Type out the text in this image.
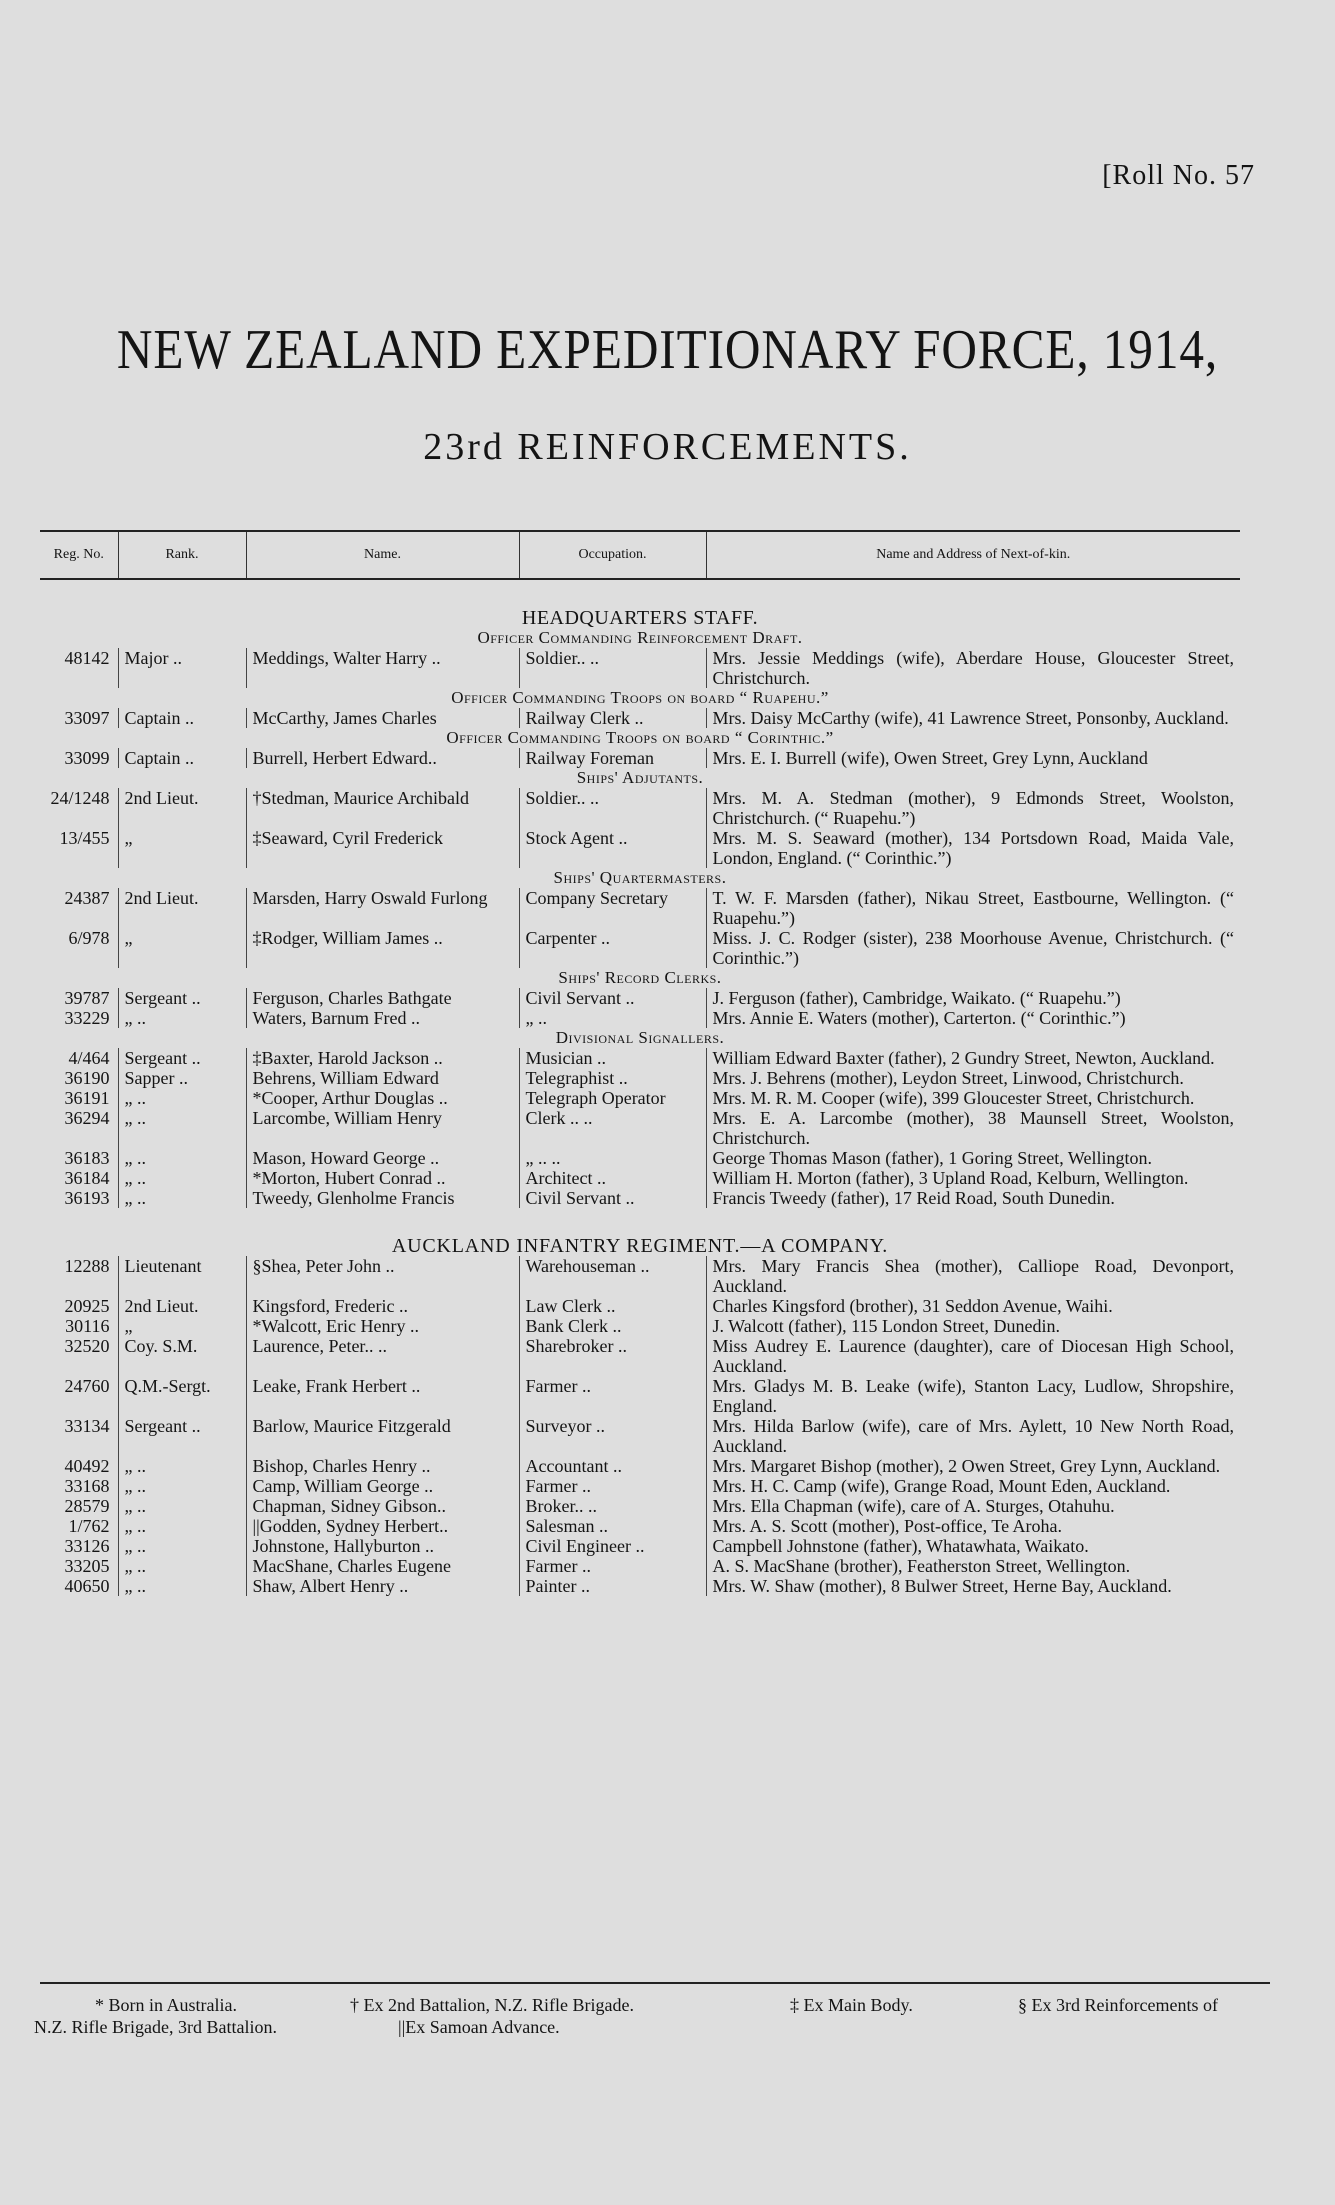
[Roll No. 57
NEW ZEALAND EXPEDITIONARY FORCE, 1914,
23rd REINFORCEMENTS.
Reg. No.	Rank.	Name.	Occupation.	Name and Address of Next-of-kin.

HEADQUARTERS STAFF.				
Officer Commanding Reinforcement Draft.				
48142	Major ..	Meddings, Walter Harry ..	Soldier.. ..	Mrs. Jessie Meddings (wife), Aberdare House, Gloucester Street, Christchurch.
Officer Commanding Troops on board “ Ruapehu.”				
33097	Captain ..	McCarthy, James Charles	Railway Clerk ..	Mrs. Daisy McCarthy (wife), 41 Lawrence Street, Ponsonby, Auckland.
Officer Commanding Troops on board “ Corinthic.”				
33099	Captain ..	Burrell, Herbert Edward..	Railway Foreman	Mrs. E. I. Burrell (wife), Owen Street, Grey Lynn, Auckland
Ships' Adjutants.				
24/1248	2nd Lieut.	†Stedman, Maurice Archibald	Soldier.. ..	Mrs. M. A. Stedman (mother), 9 Edmonds Street, Woolston, Christchurch. (“ Ruapehu.”)
13/455	„	‡Seaward, Cyril Frederick	Stock Agent ..	Mrs. M. S. Seaward (mother), 134 Portsdown Road, Maida Vale, London, England. (“ Corinthic.”)
Ships' Quartermasters.				
24387	2nd Lieut.	Marsden, Harry Oswald Furlong	Company Secretary	T. W. F. Marsden (father), Nikau Street, Eastbourne, Wellington. (“ Ruapehu.”)
6/978	„	‡Rodger, William James ..	Carpenter ..	Miss. J. C. Rodger (sister), 238 Moorhouse Avenue, Christchurch. (“ Corinthic.”)
Ships' Record Clerks.				
39787	Sergeant ..	Ferguson, Charles Bathgate	Civil Servant ..	J. Ferguson (father), Cambridge, Waikato. (“ Ruapehu.”)
33229	„ ..	Waters, Barnum Fred ..	„ ..	Mrs. Annie E. Waters (mother), Carterton. (“ Corinthic.”)
Divisional Signallers.				
4/464	Sergeant ..	‡Baxter, Harold Jackson ..	Musician ..	William Edward Baxter (father), 2 Gundry Street, Newton, Auckland.
36190	Sapper ..	Behrens, William Edward	Telegraphist ..	Mrs. J. Behrens (mother), Leydon Street, Linwood, Christchurch.
36191	„ ..	*Cooper, Arthur Douglas ..	Telegraph Operator	Mrs. M. R. M. Cooper (wife), 399 Gloucester Street, Christchurch.
36294	„ ..	Larcombe, William Henry	Clerk .. ..	Mrs. E. A. Larcombe (mother), 38 Maunsell Street, Woolston, Christchurch.
36183	„ ..	Mason, Howard George ..	„ .. ..	George Thomas Mason (father), 1 Goring Street, Wellington.
36184	„ ..	*Morton, Hubert Conrad ..	Architect ..	William H. Morton (father), 3 Upland Road, Kelburn, Wellington.
36193	„ ..	Tweedy, Glenholme Francis	Civil Servant ..	Francis Tweedy (father), 17 Reid Road, South Dunedin.
AUCKLAND INFANTRY REGIMENT.—A COMPANY.				
12288	Lieutenant	§Shea, Peter John ..	Warehouseman ..	Mrs. Mary Francis Shea (mother), Calliope Road, Devonport, Auckland.
20925	2nd Lieut.	Kingsford, Frederic ..	Law Clerk ..	Charles Kingsford (brother), 31 Seddon Avenue, Waihi.
30116	„	*Walcott, Eric Henry ..	Bank Clerk ..	J. Walcott (father), 115 London Street, Dunedin.
32520	Coy. S.M.	Laurence, Peter.. ..	Sharebroker ..	Miss Audrey E. Laurence (daughter), care of Diocesan High School, Auckland.
24760	Q.M.-Sergt.	Leake, Frank Herbert ..	Farmer ..	Mrs. Gladys M. B. Leake (wife), Stanton Lacy, Ludlow, Shropshire, England.
33134	Sergeant ..	Barlow, Maurice Fitzgerald	Surveyor ..	Mrs. Hilda Barlow (wife), care of Mrs. Aylett, 10 New North Road, Auckland.
40492	„ ..	Bishop, Charles Henry ..	Accountant ..	Mrs. Margaret Bishop (mother), 2 Owen Street, Grey Lynn, Auckland.
33168	„ ..	Camp, William George ..	Farmer ..	Mrs. H. C. Camp (wife), Grange Road, Mount Eden, Auckland.
28579	„ ..	Chapman, Sidney Gibson..	Broker.. ..	Mrs. Ella Chapman (wife), care of A. Sturges, Otahuhu.
1/762	„ ..	||Godden, Sydney Herbert..	Salesman ..	Mrs. A. S. Scott (mother), Post-office, Te Aroha.
33126	„ ..	Johnstone, Hallyburton ..	Civil Engineer ..	Campbell Johnstone (father), Whatawhata, Waikato.
33205	„ ..	MacShane, Charles Eugene	Farmer ..	A. S. MacShane (brother), Featherston Street, Wellington.
40650	„ ..	Shaw, Albert Henry ..	Painter ..	Mrs. W. Shaw (mother), 8 Bulwer Street, Herne Bay, Auckland.
* Born in Australia.	† Ex 2nd Battalion, N.Z. Rifle Brigade.	‡ Ex Main Body.	§ Ex 3rd Reinforcements of
N.Z. Rifle Brigade, 3rd Battalion.	||Ex Samoan Advance.
